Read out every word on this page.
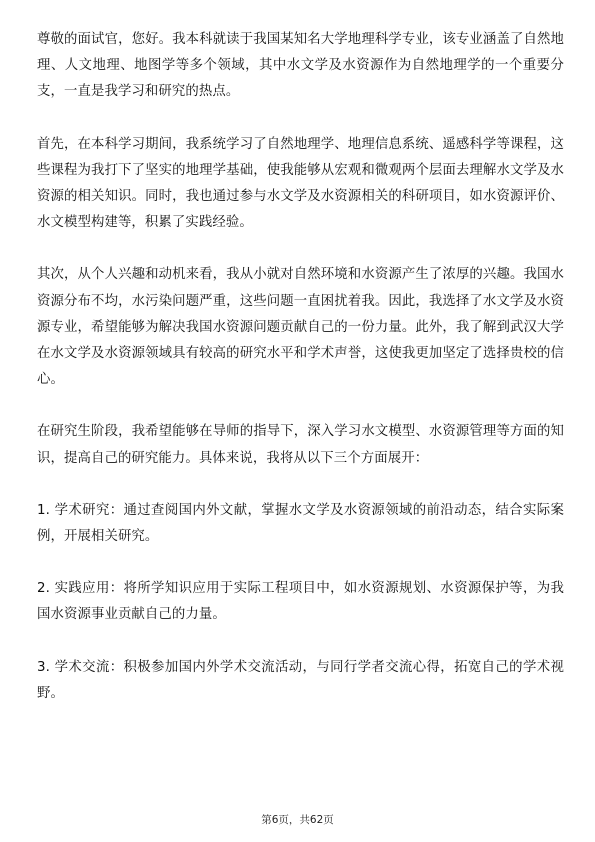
尊敬的面试官，您好。我本科就读于我国某知名大学地理科学专业，该专业涵盖了自然地理、人文地理、地图学等多个领域，其中水文学及水资源作为自然地理学的一个重要分支，一直是我学习和研究的热点。

首先，在本科学习期间，我系统学习了自然地理学、地理信息系统、遥感科学等课程，这些课程为我打下了坚实的地理学基础，使我能够从宏观和微观两个层面去理解水文学及水资源的相关知识。同时，我也通过参与水文学及水资源相关的科研项目，如水资源评价、水文模型构建等，积累了实践经验。

其次，从个人兴趣和动机来看，我从小就对自然环境和水资源产生了浓厚的兴趣。我国水资源分布不均，水污染问题严重，这些问题一直困扰着我。因此，我选择了水文学及水资源专业，希望能够为解决我国水资源问题贡献自己的一份力量。此外，我了解到武汉大学在水文学及水资源领域具有较高的研究水平和学术声誉，这使我更加坚定了选择贵校的信心。

在研究生阶段，我希望能够在导师的指导下，深入学习水文模型、水资源管理等方面的知识，提高自己的研究能力。具体来说，我将从以下三个方面展开：

1. 学术研究：通过查阅国内外文献，掌握水文学及水资源领域的前沿动态，结合实际案例，开展相关研究。

2. 实践应用：将所学知识应用于实际工程项目中，如水资源规划、水资源保护等，为我国水资源事业贡献自己的力量。

3. 学术交流：积极参加国内外学术交流活动，与同行学者交流心得，拓宽自己的学术视野。

第6页，共62页
